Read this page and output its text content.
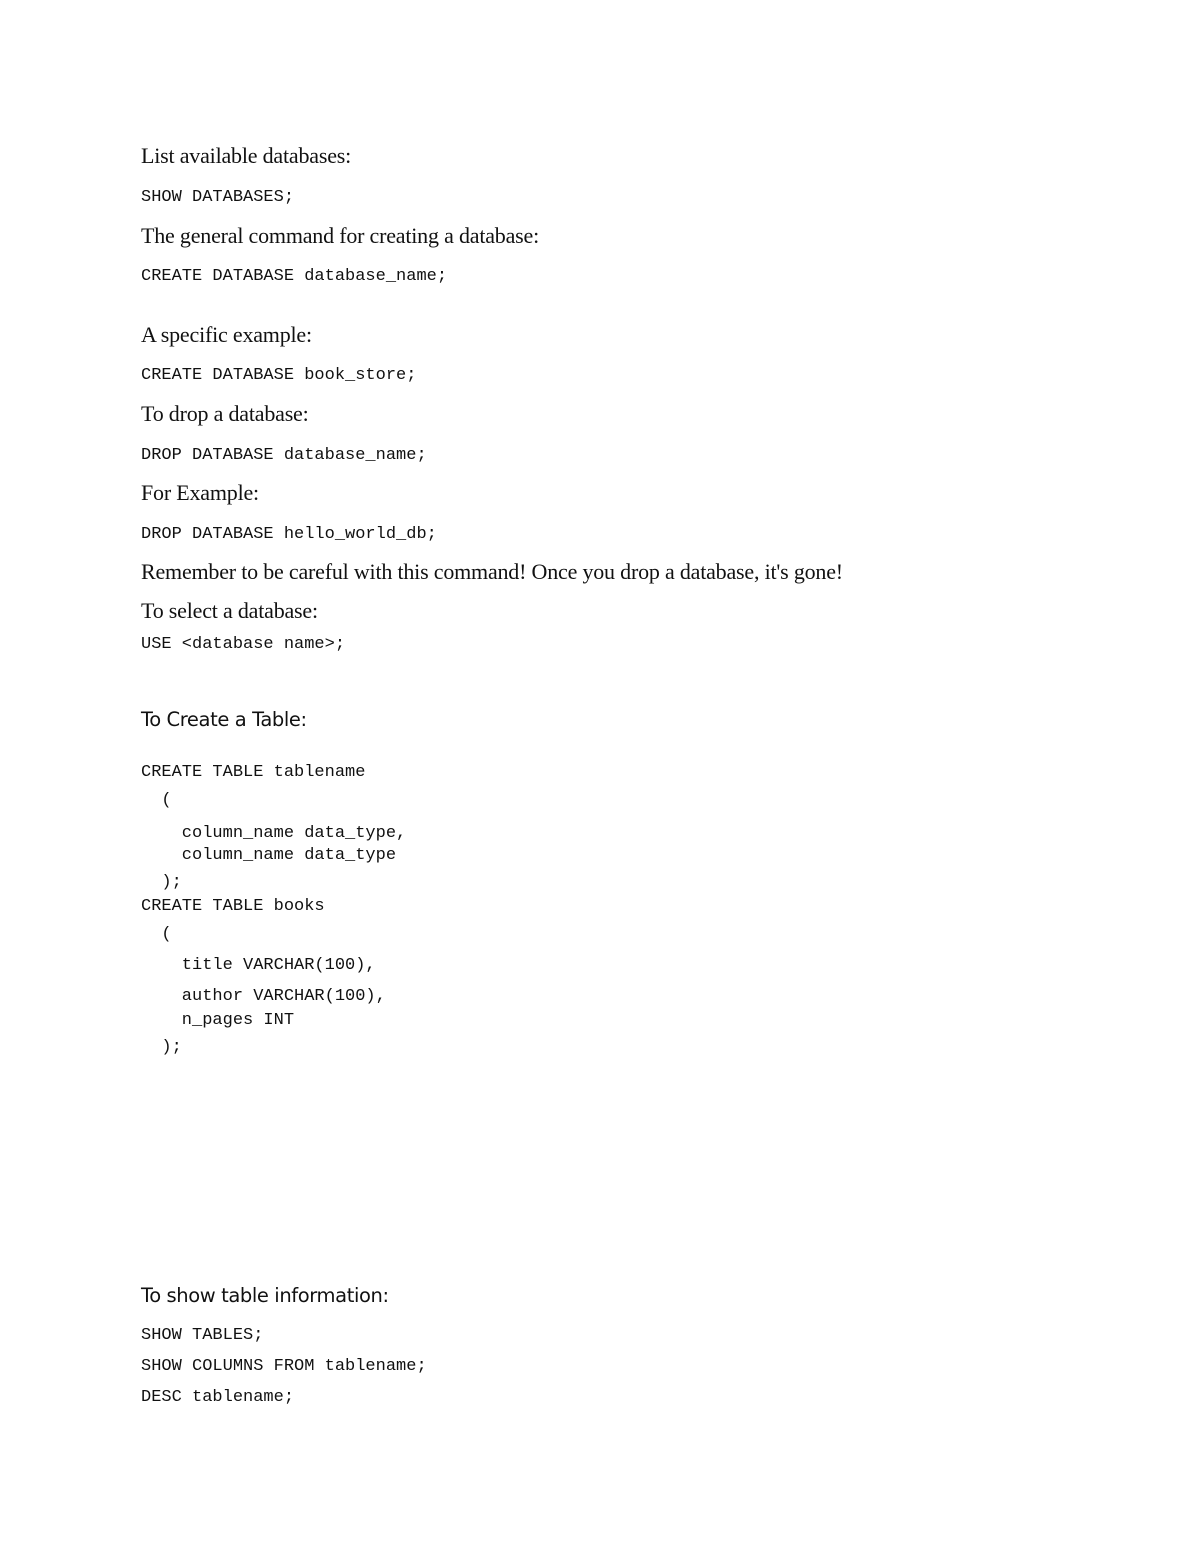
List available databases:

SHOW DATABASES;

The general command for creating a database:

CREATE DATABASE database_name;

A specific example:

CREATE DATABASE book_store;

To drop a database:

DROP DATABASE database_name;

For Example:

DROP DATABASE hello_world_db;

Remember to be careful with this command! Once you drop a database, it's gone!

To select a database:

USE <database name>;

To Create a Table:

CREATE TABLE tablename
(
column_name data_type,
column_name data_type
);
CREATE TABLE books
(
title VARCHAR(100),
author VARCHAR(100),
n_pages INT
);

To show table information:

SHOW TABLES;

SHOW COLUMNS FROM tablename;

DESC tablename;
